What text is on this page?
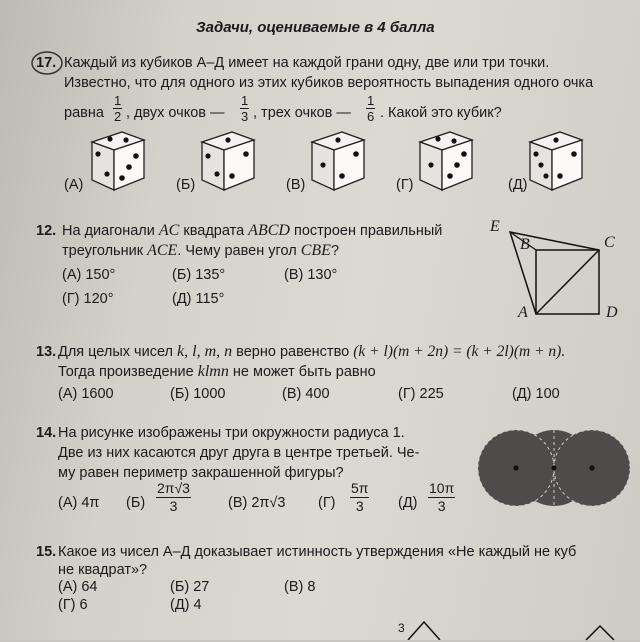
Задачи, оцениваемые в 4 балла
17. Каждый из кубиков А–Д имеет на каждой грани одну, две или три точки.
Известно, что для одного из этих кубиков вероятность выпадения одного очка
равна $\frac{1}{2}$ , двух очков — $\frac{1}{3}$ , трех очков — $\frac{1}{6}$ . Какой это кубик?
(А)	(Б)	(В)	(Г)	(Д)
12. На диагонали AC квадрата ABCD построен правильный
треугольник ACE. Чему равен угол CBE?
(А) 150°	(Б) 135°	(В) 130°
(Г) 120°	(Д) 115°
E
B	C
A	D
13. Для целых чисел k, l, m, n верно равенство (k + l)(m + 2n) = (k + 2l)(m + n).
Тогда произведение klmn не может быть равно
(А) 1600	(Б) 1000	(В) 400	(Г) 225	(Д) 100
14. На рисунке изображены три окружности радиуса 1.
Две из них касаются друг друга в центре третьей. Че-
му равен периметр закрашенной фигуры?
(А) 4π $(Б) \frac{2\pi√3}{3}$	(В) 2π√3 $(Г) \frac{5\pi}{3} (Д) \frac{10\pi}{3}$
15. Какое из чисел А–Д доказывает истинность утверждения «Не каждый не куб
не квадрат»?
(А) 64	(Б) 27	(В) 8
(Г) 6	(Д) 4
3
